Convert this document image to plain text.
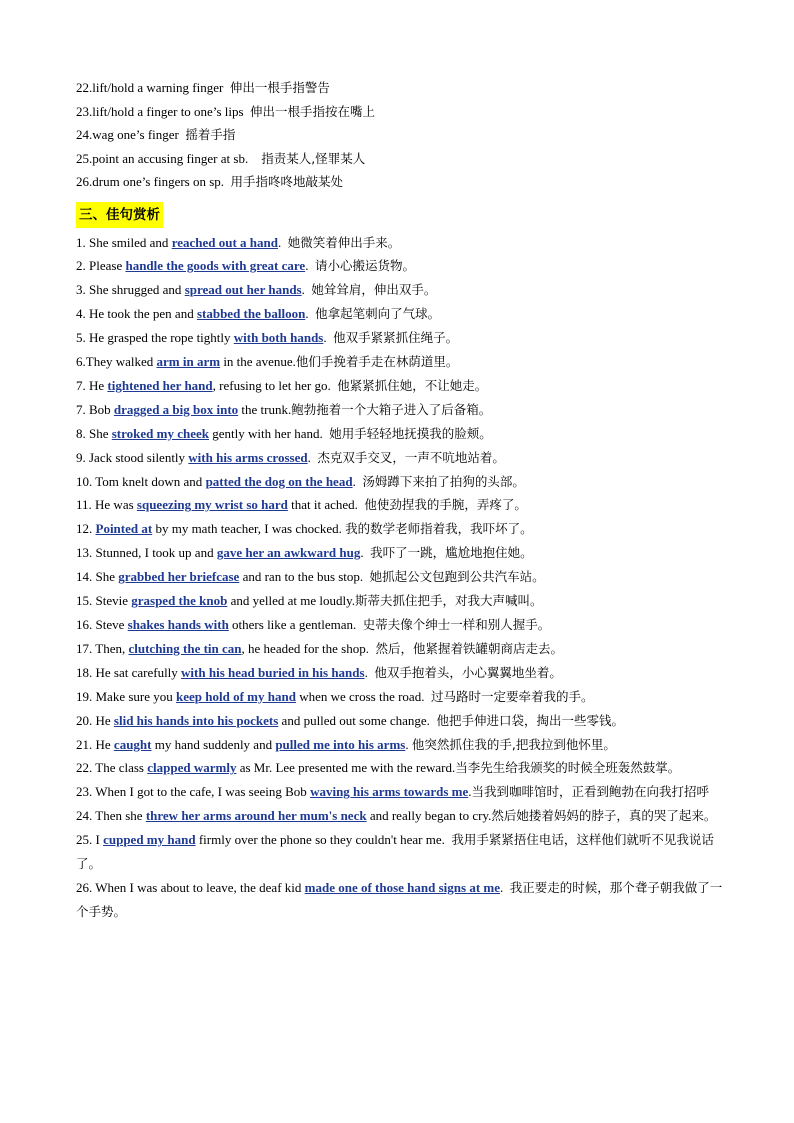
22.lift/hold a warning finger 伸出一根手指警告
23.lift/hold a finger to one’s lips 伸出一根手指按在嘴上
24.wag one’s finger 摇着手指
25.point an accusing finger at sb. 指责某人,怪罪某人
26.drum one’s fingers on sp. 用手指咚咚地敲某处
三、佳句赏析
1. She smiled and reached out a hand. 她微笑着伸出手来。
2. Please handle the goods with great care. 请小心搬运货物。
3. She shrugged and spread out her hands. 她耸耸肩，伸出双手。
4. He took the pen and stabbed the balloon. 他拿起笔刺向了气球。
5. He grasped the rope tightly with both hands. 他双手紧紧抓住绳子。
6.They walked arm in arm in the avenue.他们手挽着手走在林荫道里。
7. He tightened her hand, refusing to let her go. 他紧紧抓住她，不让她走。
7. Bob dragged a big box into the trunk.鲍勃拖着一个大箱子进入了后备箱。
8. She stroked my cheek gently with her hand. 她用手轻轻地抚摸我的脸颊。
9. Jack stood silently with his arms crossed. 杰克双手交叉，一声不吭地站着。
10. Tom knelt down and patted the dog on the head. 汤姆蹲下来拍了拍狗的头部。
11. He was squeezing my wrist so hard that it ached. 他使劲捏我的手腕，弄疼了。
12. Pointed at by my math teacher, I was chocked. 我的数学老师指着我，我吓坏了。
13. Stunned, I took up and gave her an awkward hug. 我吓了一跳，尴尬地抱住她。
14. She grabbed her briefcase and ran to the bus stop. 她抓起公文包跑到公共汽车站。
15. Stevie grasped the knob and yelled at me loudly.斯蒂夫抓住把手，对我大声喊叫。
16. Steve shakes hands with others like a gentleman. 史蒂夫像个绅士一样和别人握手。
17. Then, clutching the tin can, he headed for the shop. 然后，他紧握着铁罐朝商店走去。
18. He sat carefully with his head buried in his hands. 他双手抱着头，小心翼翼地坐着。
19. Make sure you keep hold of my hand when we cross the road. 过马路时一定要牵着我的手。
20. He slid his hands into his pockets and pulled out some change. 他把手伸进口袋，掏出一些零钱。
21. He caught my hand suddenly and pulled me into his arms. 他突然抓住我的手,把我拉到他怀里。
22. The class clapped warmly as Mr. Lee presented me with the reward.当李先生给我颁奖的时候全班轰然鼓掌。
23. When I got to the cafe, I was seeing Bob waving his arms towards me.当我到咖啡馆时，正看到鲍勃在向我打招呼
24. Then she threw her arms around her mum's neck and really began to cry.然后她搂着妈妈的脖子，真的哭了起来。
25. I cupped my hand firmly over the phone so they couldn't hear me. 我用手紧紧捂住电话，这样他们就听不见我说话了。
26. When I was about to leave, the deaf kid made one of those hand signs at me. 我正要走的时候，那个聋子朝我做了一个手势。
